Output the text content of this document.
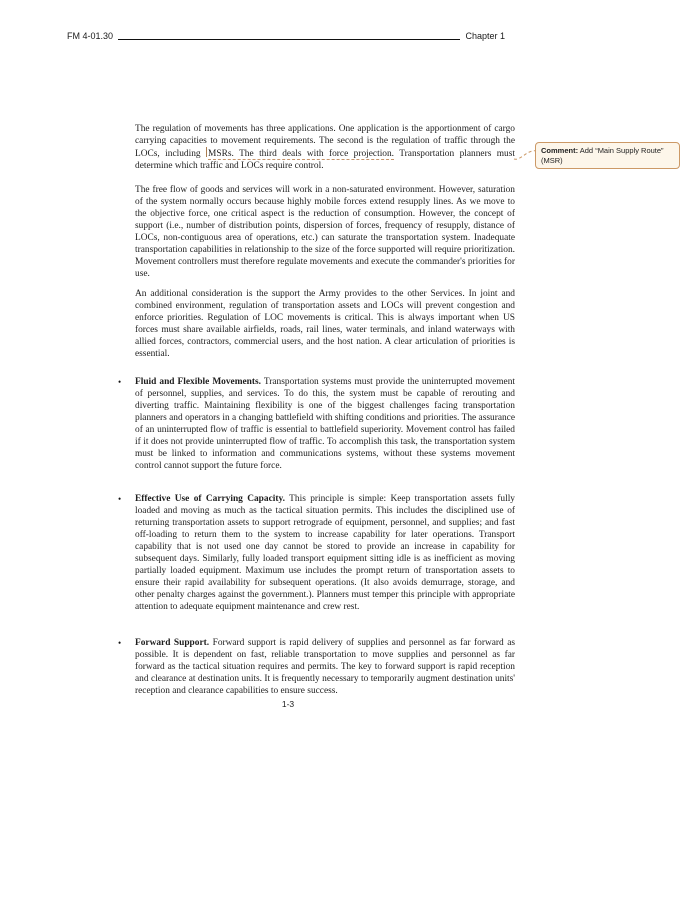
FM 4-01.30	Chapter 1
The regulation of movements has three applications. One application is the apportionment of cargo carrying capacities to movement requirements. The second is the regulation of traffic through the LOCs, including MSRs. The third deals with force projection. Transportation planners must determine which traffic and LOCs require control.
Comment: Add “Main Supply Route” (MSR)
The free flow of goods and services will work in a non-saturated environment. However, saturation of the system normally occurs because highly mobile forces extend resupply lines. As we move to the objective force, one critical aspect is the reduction of consumption. However, the concept of support (i.e., number of distribution points, dispersion of forces, frequency of resupply, distance of LOCs, non-contiguous area of operations, etc.) can saturate the transportation system. Inadequate transportation capabilities in relationship to the size of the force supported will require prioritization. Movement controllers must therefore regulate movements and execute the commander's priorities for use.
An additional consideration is the support the Army provides to the other Services. In joint and combined environment, regulation of transportation assets and LOCs will prevent congestion and enforce priorities. Regulation of LOC movements is critical. This is always important when US forces must share available airfields, roads, rail lines, water terminals, and inland waterways with allied forces, contractors, commercial users, and the host nation. A clear articulation of priorities is essential.
•	Fluid and Flexible Movements. Transportation systems must provide the uninterrupted movement of personnel, supplies, and services. To do this, the system must be capable of rerouting and diverting traffic. Maintaining flexibility is one of the biggest challenges facing transportation planners and operators in a changing battlefield with shifting conditions and priorities. The assurance of an uninterrupted flow of traffic is essential to battlefield superiority. Movement control has failed if it does not provide uninterrupted flow of traffic. To accomplish this task, the transportation system must be linked to information and communications systems, without these systems movement control cannot support the future force.
•	Effective Use of Carrying Capacity. This principle is simple: Keep transportation assets fully loaded and moving as much as the tactical situation permits. This includes the disciplined use of returning transportation assets to support retrograde of equipment, personnel, and supplies; and fast off-loading to return them to the system to increase capability for later operations. Transport capability that is not used one day cannot be stored to provide an increase in capability for subsequent days. Similarly, fully loaded transport equipment sitting idle is as inefficient as moving partially loaded equipment. Maximum use includes the prompt return of transportation assets to ensure their rapid availability for subsequent operations. (It also avoids demurrage, storage, and other penalty charges against the government.). Planners must temper this principle with appropriate attention to adequate equipment maintenance and crew rest.
•	Forward Support. Forward support is rapid delivery of supplies and personnel as far forward as possible. It is dependent on fast, reliable transportation to move supplies and personnel as far forward as the tactical situation requires and permits. The key to forward support is rapid reception and clearance at destination units. It is frequently necessary to temporarily augment destination units' reception and clearance capabilities to ensure success.
1-3
